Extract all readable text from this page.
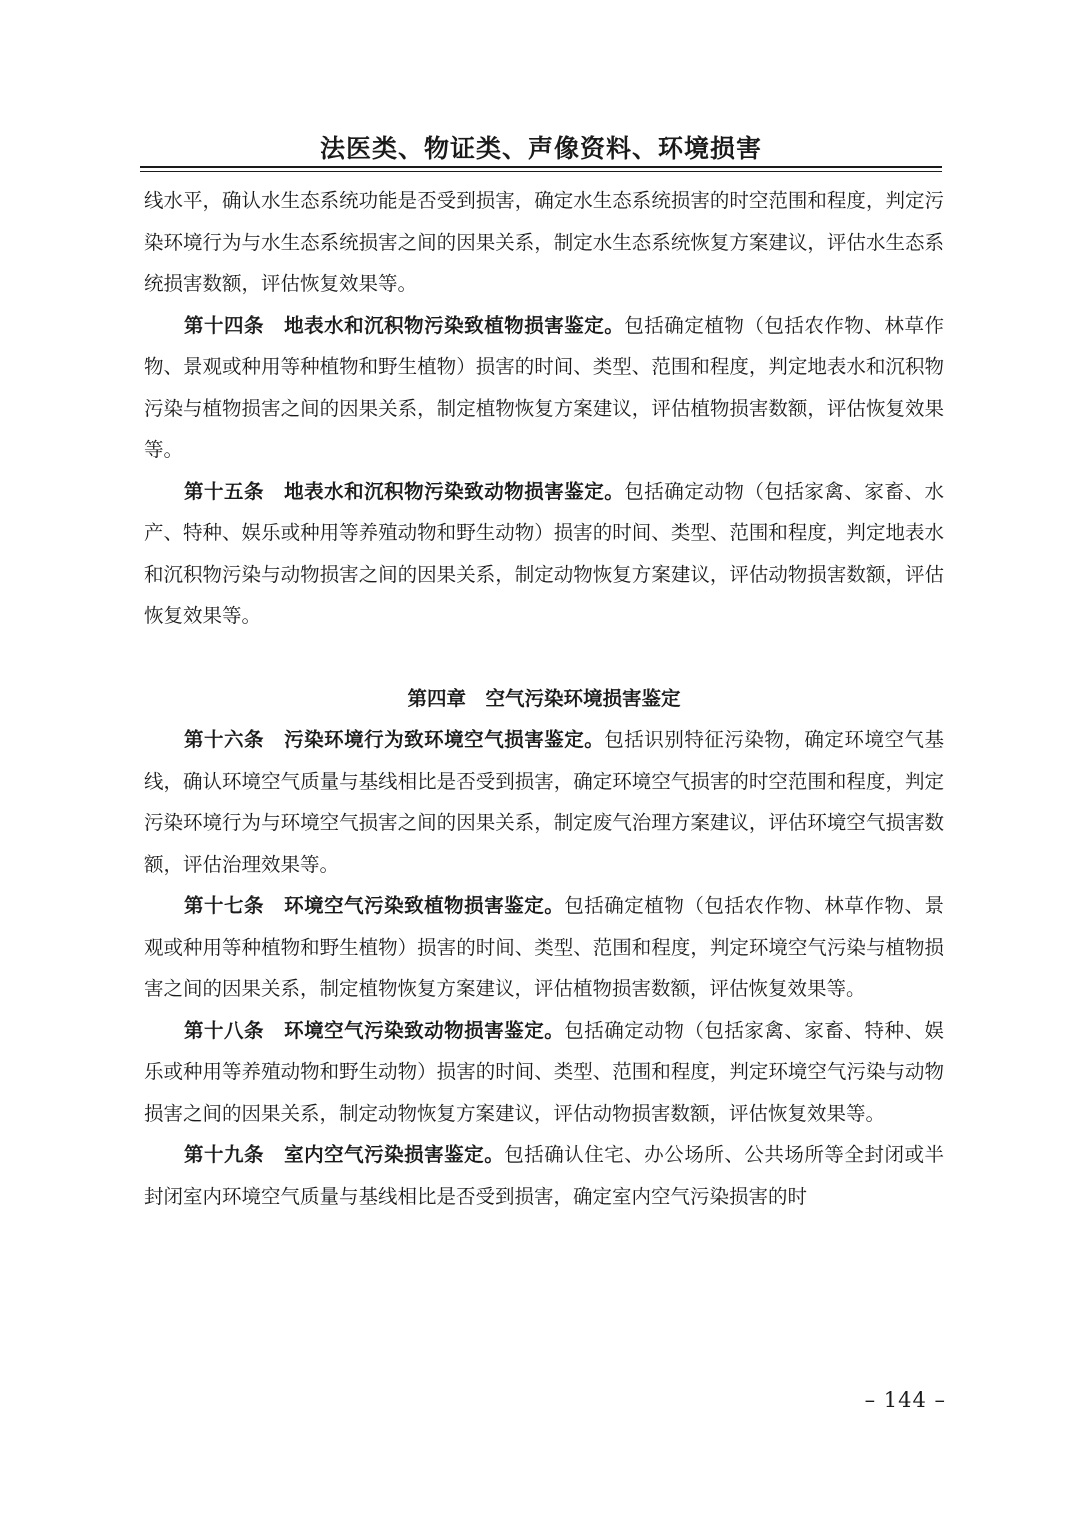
法医类、物证类、声像资料、环境损害

线水平，确认水生态系统功能是否受到损害，确定水生态系统损害的时空范围和程度，判定污染环境行为与水生态系统损害之间的因果关系，制定水生态系统恢复方案建议，评估水生态系统损害数额，评估恢复效果等。

第十四条　地表水和沉积物污染致植物损害鉴定。包括确定植物（包括农作物、林草作物、景观或种用等种植物和野生植物）损害的时间、类型、范围和程度，判定地表水和沉积物污染与植物损害之间的因果关系，制定植物恢复方案建议，评估植物损害数额，评估恢复效果等。

第十五条　地表水和沉积物污染致动物损害鉴定。包括确定动物（包括家禽、家畜、水产、特种、娱乐或种用等养殖动物和野生动物）损害的时间、类型、范围和程度，判定地表水和沉积物污染与动物损害之间的因果关系，制定动物恢复方案建议，评估动物损害数额，评估恢复效果等。

第四章　空气污染环境损害鉴定

第十六条　污染环境行为致环境空气损害鉴定。包括识别特征污染物，确定环境空气基线，确认环境空气质量与基线相比是否受到损害，确定环境空气损害的时空范围和程度，判定污染环境行为与环境空气损害之间的因果关系，制定废气治理方案建议，评估环境空气损害数额，评估治理效果等。

第十七条　环境空气污染致植物损害鉴定。包括确定植物（包括农作物、林草作物、景观或种用等种植物和野生植物）损害的时间、类型、范围和程度，判定环境空气污染与植物损害之间的因果关系，制定植物恢复方案建议，评估植物损害数额，评估恢复效果等。

第十八条　环境空气污染致动物损害鉴定。包括确定动物（包括家禽、家畜、特种、娱乐或种用等养殖动物和野生动物）损害的时间、类型、范围和程度，判定环境空气污染与动物损害之间的因果关系，制定动物恢复方案建议，评估动物损害数额，评估恢复效果等。

第十九条　室内空气污染损害鉴定。包括确认住宅、办公场所、公共场所等全封闭或半封闭室内环境空气质量与基线相比是否受到损害，确定室内空气污染损害的时

– 144 –
